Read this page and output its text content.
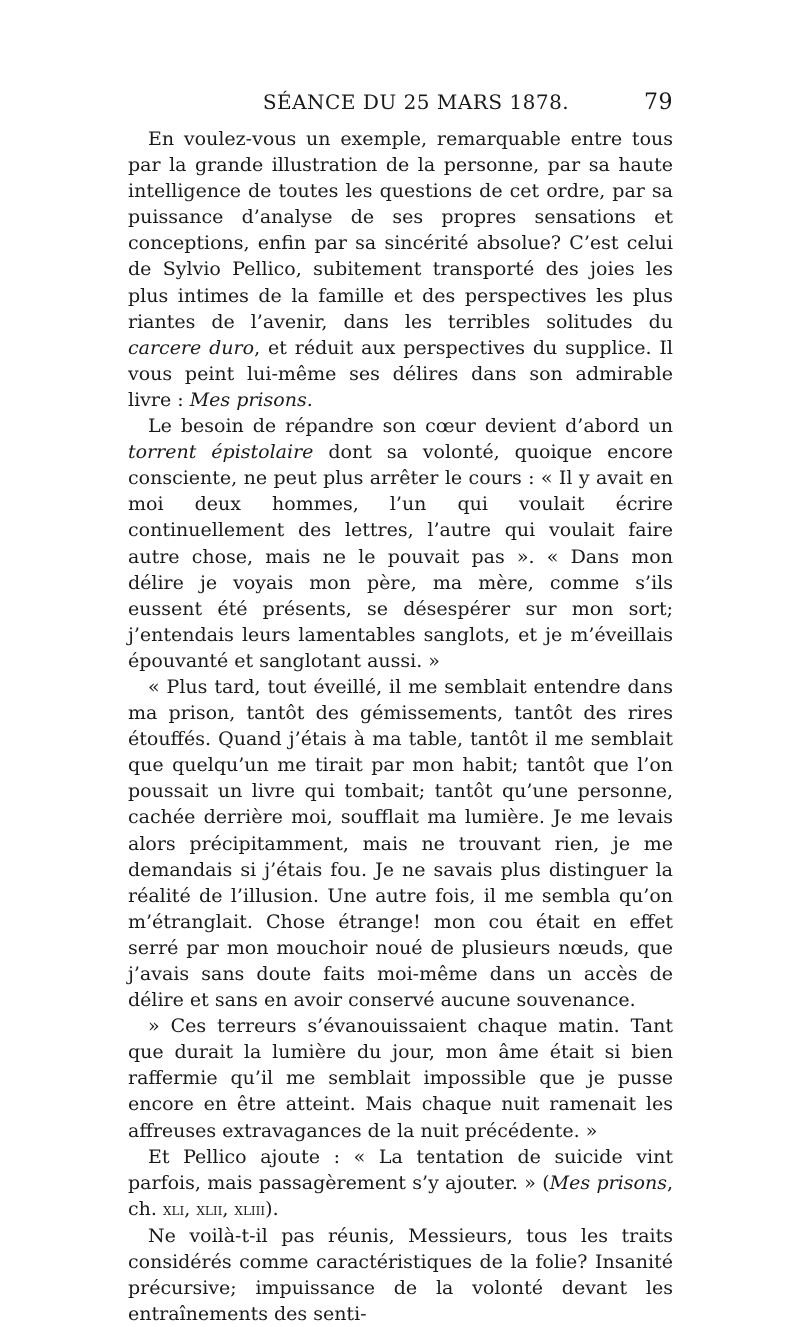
SÉANCE DU 25 MARS 1878.	79

En voulez-vous un exemple, remarquable entre tous par la grande illustration de la personne, par sa haute intelligence de toutes les questions de cet ordre, par sa puissance d’analyse de ses propres sensations et conceptions, enfin par sa sincérité absolue? C’est celui de Sylvio Pellico, subitement transporté des joies les plus intimes de la famille et des perspectives les plus riantes de l’avenir, dans les terribles solitudes du carcere duro, et réduit aux perspectives du supplice. Il vous peint lui-même ses délires dans son admirable livre : Mes prisons.

Le besoin de répandre son cœur devient d’abord un torrent épistolaire dont sa volonté, quoique encore consciente, ne peut plus arrêter le cours : « Il y avait en moi deux hommes, l’un qui voulait écrire continuellement des lettres, l’autre qui voulait faire autre chose, mais ne le pouvait pas ». « Dans mon délire je voyais mon père, ma mère, comme s’ils eussent été présents, se désespérer sur mon sort; j’entendais leurs lamentables sanglots, et je m’éveillais épouvanté et sanglotant aussi. »

« Plus tard, tout éveillé, il me semblait entendre dans ma prison, tantôt des gémissements, tantôt des rires étouffés. Quand j’étais à ma table, tantôt il me semblait que quelqu’un me tirait par mon habit; tantôt que l’on poussait un livre qui tombait; tantôt qu’une personne, cachée derrière moi, soufflait ma lumière. Je me levais alors précipitamment, mais ne trouvant rien, je me demandais si j’étais fou. Je ne savais plus distinguer la réalité de l’illusion. Une autre fois, il me sembla qu’on m’étranglait. Chose étrange! mon cou était en effet serré par mon mouchoir noué de plusieurs nœuds, que j’avais sans doute faits moi-même dans un accès de délire et sans en avoir conservé aucune souvenance.

» Ces terreurs s’évanouissaient chaque matin. Tant que durait la lumière du jour, mon âme était si bien raffermie qu’il me semblait impossible que je pusse encore en être atteint. Mais chaque nuit ramenait les affreuses extravagances de la nuit précédente. »

Et Pellico ajoute : « La tentation de suicide vint parfois, mais passagèrement s’y ajouter. » (Mes prisons, ch. xli, xlii, xliii).

Ne voilà-t-il pas réunis, Messieurs, tous les traits considérés comme caractéristiques de la folie? Insanité précursive; impuissance de la volonté devant les entraînements des senti-
